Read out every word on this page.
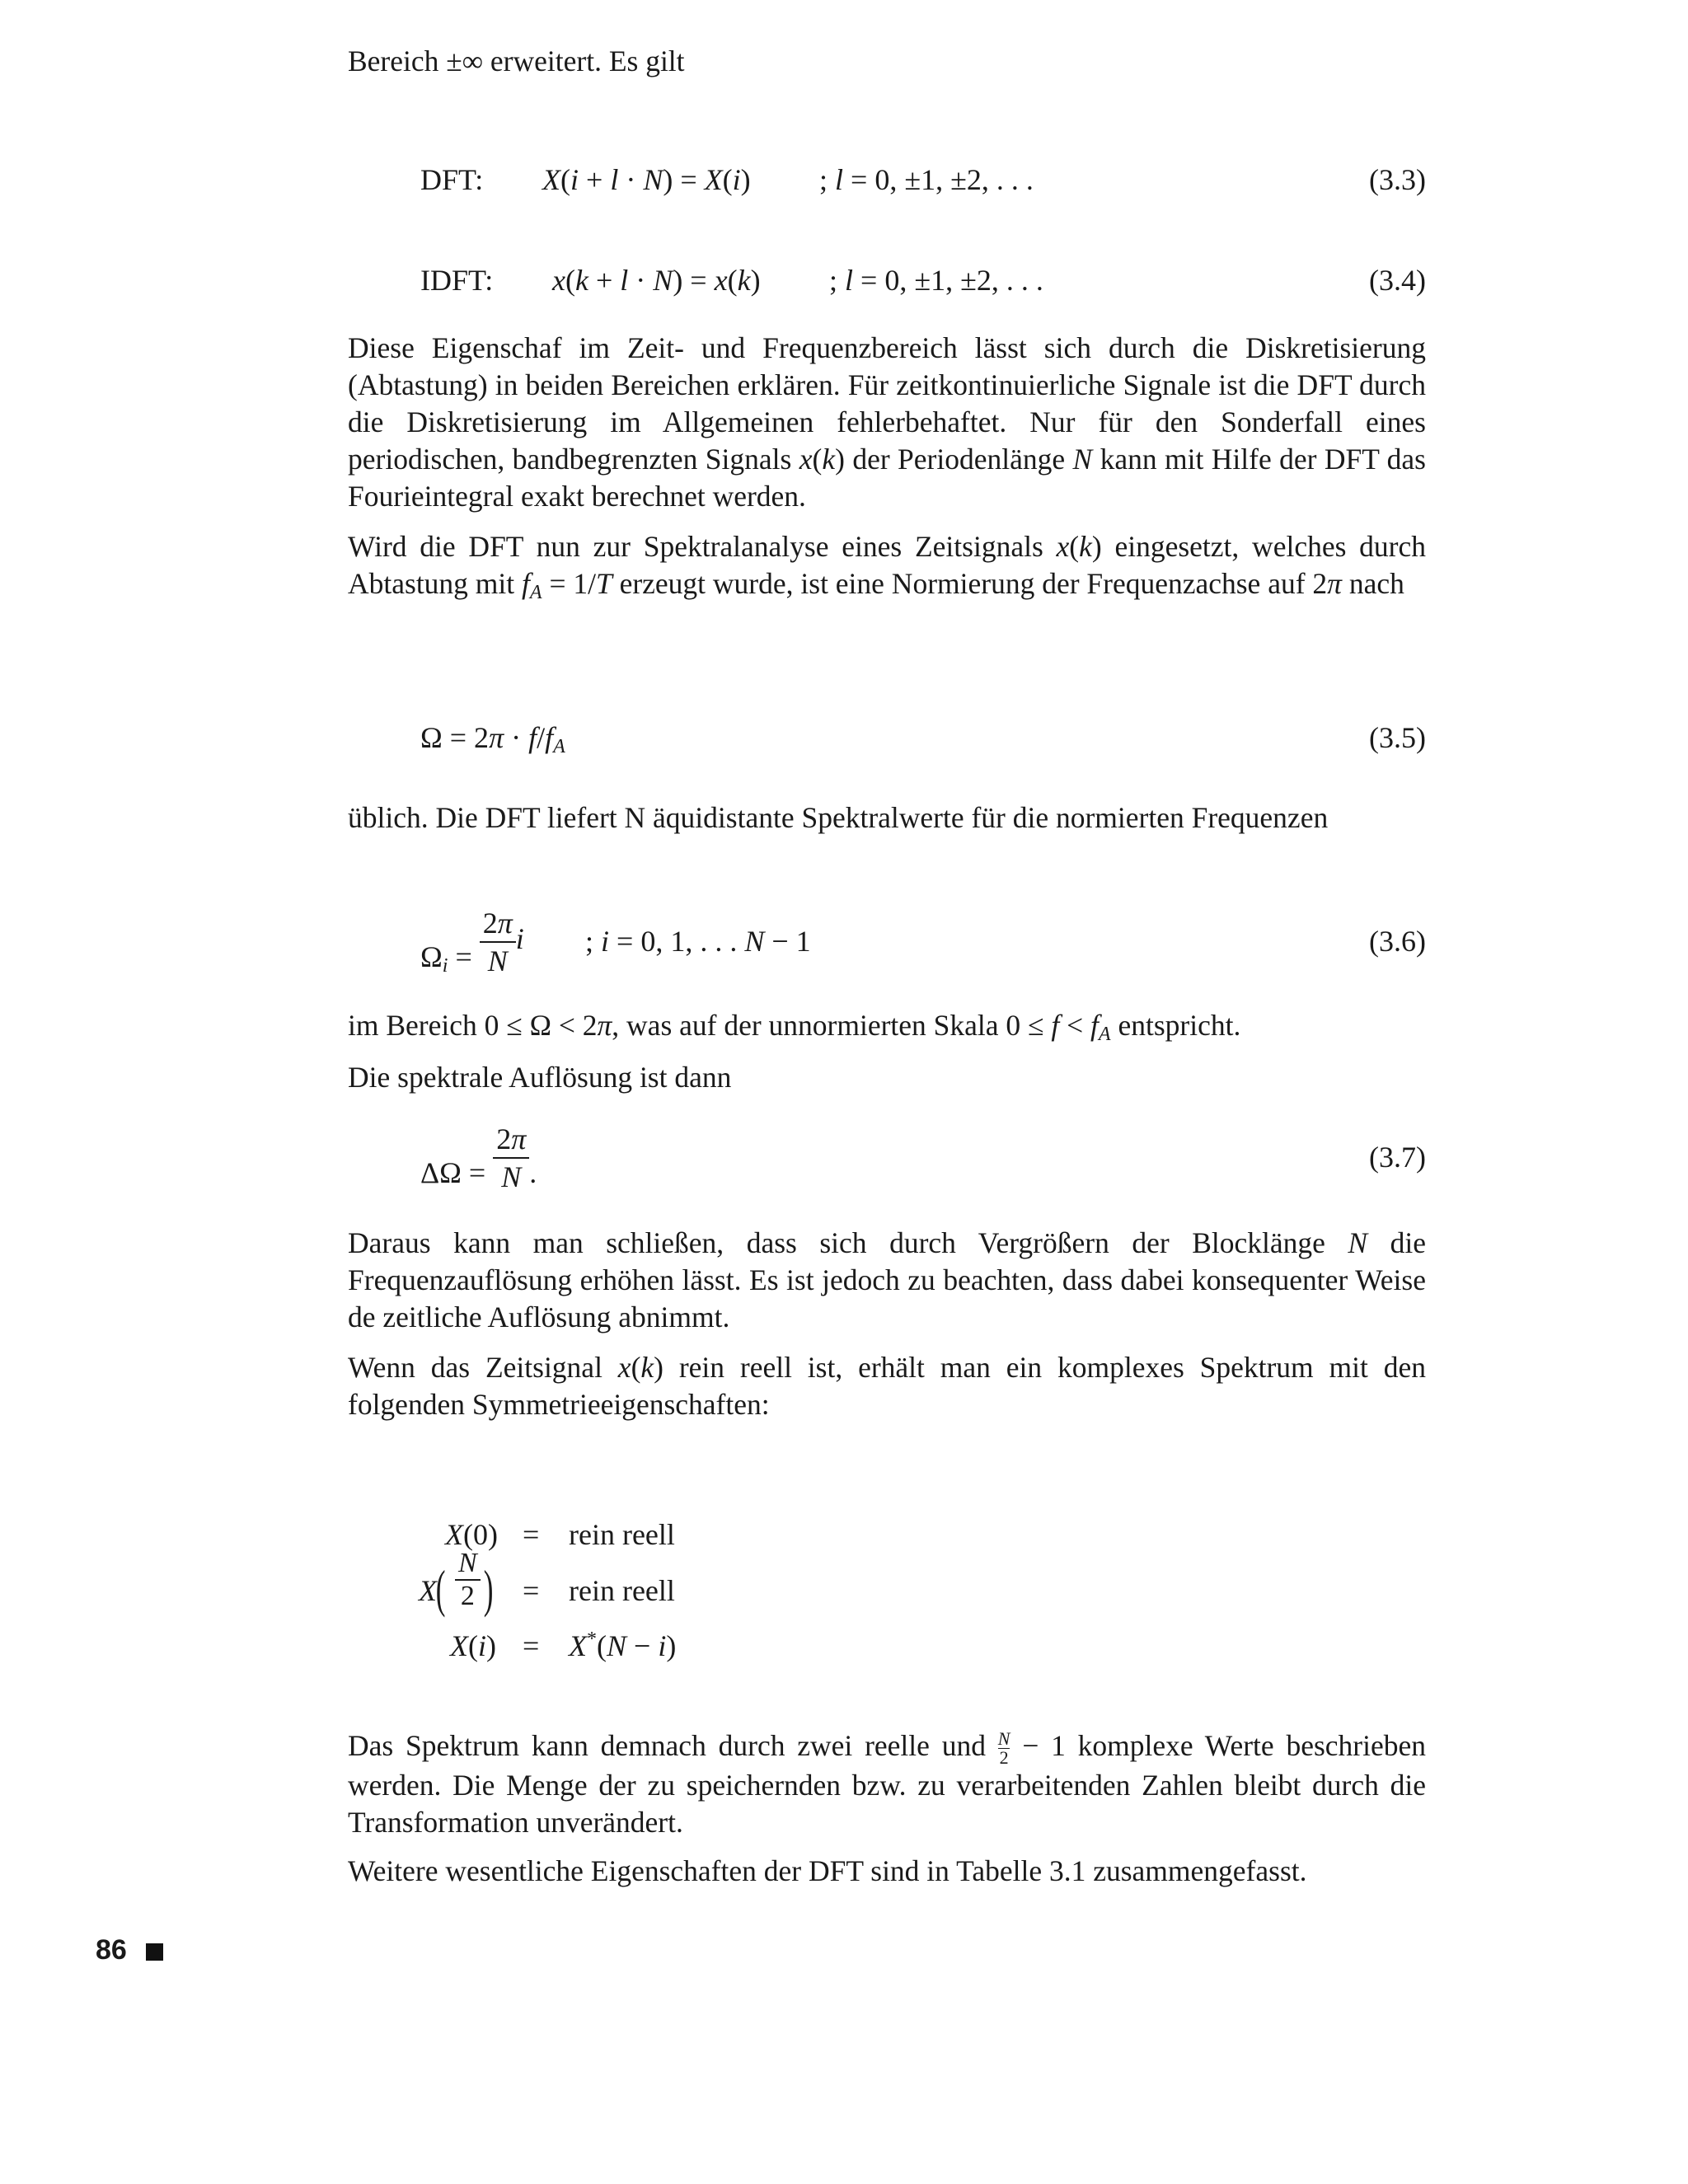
Bereich ±∞ erweitert. Es gilt

DFT: X(i + l · N) = X(i) ; l = 0, ±1, ±2, . . .	(3.3)
IDFT: x(k + l · N) = x(k) ; l = 0, ±1, ±2, . . .	(3.4)

Diese Eigenschaf im Zeit- und Frequenzbereich lässt sich durch die Diskretisierung (Abtastung) in beiden Bereichen erklären. Für zeitkontinuierliche Signale ist die DFT durch die Diskretisierung im Allgemeinen fehlerbehaftet. Nur für den Sonderfall eines periodischen, bandbegrenzten Signals x(k) der Periodenlänge N kann mit Hilfe der DFT das Fourieintegral exakt berechnet werden.

Wird die DFT nun zur Spektralanalyse eines Zeitsignals x(k) eingesetzt, welches durch Abtastung mit $f_A = 1/T$ erzeugt wurde, ist eine Normierung der Frequenzachse auf 2π nach

$\Omega = 2\pi \cdot f/f_A$	(3.5)

üblich. Die DFT liefert N äquidistante Spektralwerte für die normierten Frequenzen

$\Omega_i = \frac{2\pi}{N}$ i ; i = 0, 1, . . . N − 1	(3.6)

im Bereich 0 ≤ Ω < 2π, was auf der unnormierten Skala $0 \le f < f_A$ entspricht.

Die spektrale Auflösung ist dann

$\Delta\Omega = \frac{2\pi}{N}$ .	(3.7)

Daraus kann man schließen, dass sich durch Vergrößern der Blocklänge N die Frequenzauflösung erhöhen lässt. Es ist jedoch zu beachten, dass dabei konsequenter Weise de zeitliche Auflösung abnimmt.

Wenn das Zeitsignal x(k) rein reell ist, erhält man ein komplexes Spektrum mit den folgenden Symmetrieeigenschaften:

X(0) = rein reell
X
( $\frac{N}{2}$ ) = rein reell
X(i) = X*(N − i)

Das Spektrum kann demnach durch zwei reelle und $\frac{N}{2} - 1$ komplexe Werte beschrieben werden. Die Menge der zu speichernden bzw. zu verarbeitenden Zahlen bleibt durch die Transformation unverändert.

Weitere wesentliche Eigenschaften der DFT sind in Tabelle 3.1 zusammengefasst.

86
